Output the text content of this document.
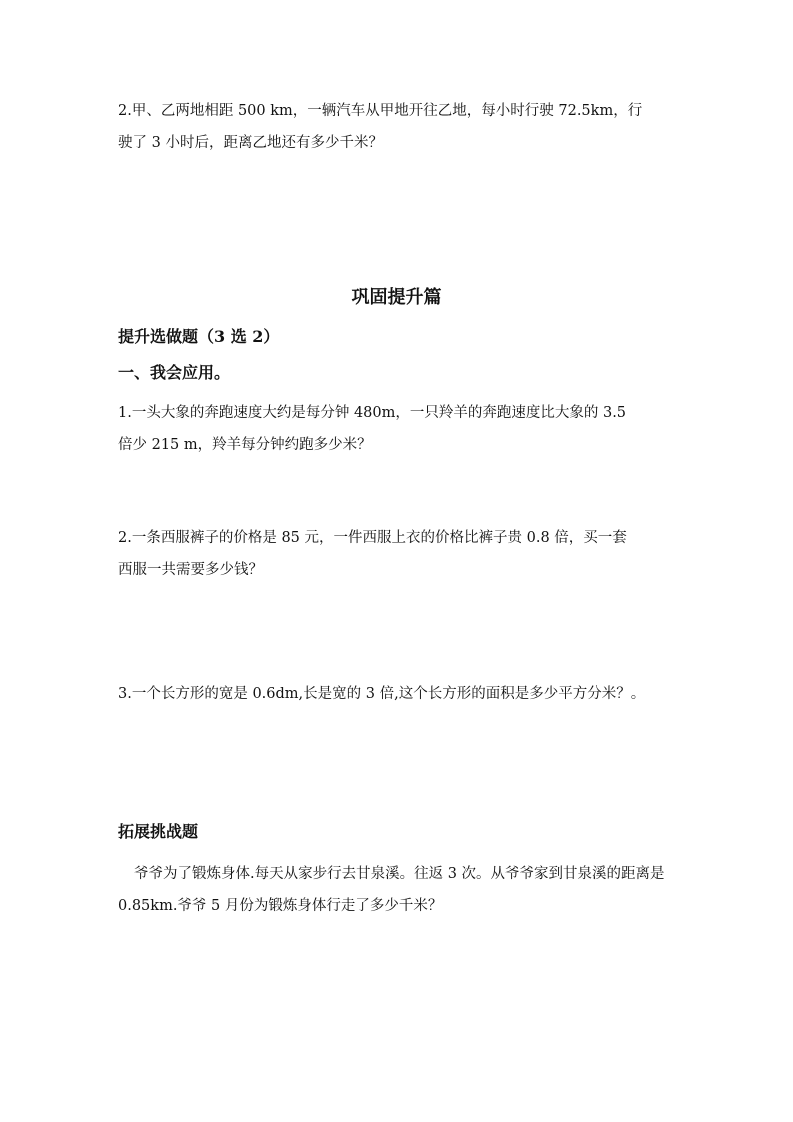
2.甲、乙两地相距 500 km，一辆汽车从甲地开往乙地，每小时行驶 72.5km，行

驶了 3 小时后，距离乙地还有多少千米？

巩固提升篇
提升选做题（3 选 2）
一、我会应用。

1.一头大象的奔跑速度大约是每分钟 480m，一只羚羊的奔跑速度比大象的 3.5

倍少 215 m，羚羊每分钟约跑多少米？

2.一条西服裤子的价格是 85 元，一件西服上衣的价格比裤子贵 0.8 倍，买一套

西服一共需要多少钱？

3.一个长方形的宽是 0.6dm,长是宽的 3 倍,这个长方形的面积是多少平方分米？。

拓展挑战题

爷爷为了锻炼身体.每天从家步行去甘泉溪。往返 3 次。从爷爷家到甘泉溪的距离是

0.85km.爷爷 5 月份为锻炼身体行走了多少千米？
